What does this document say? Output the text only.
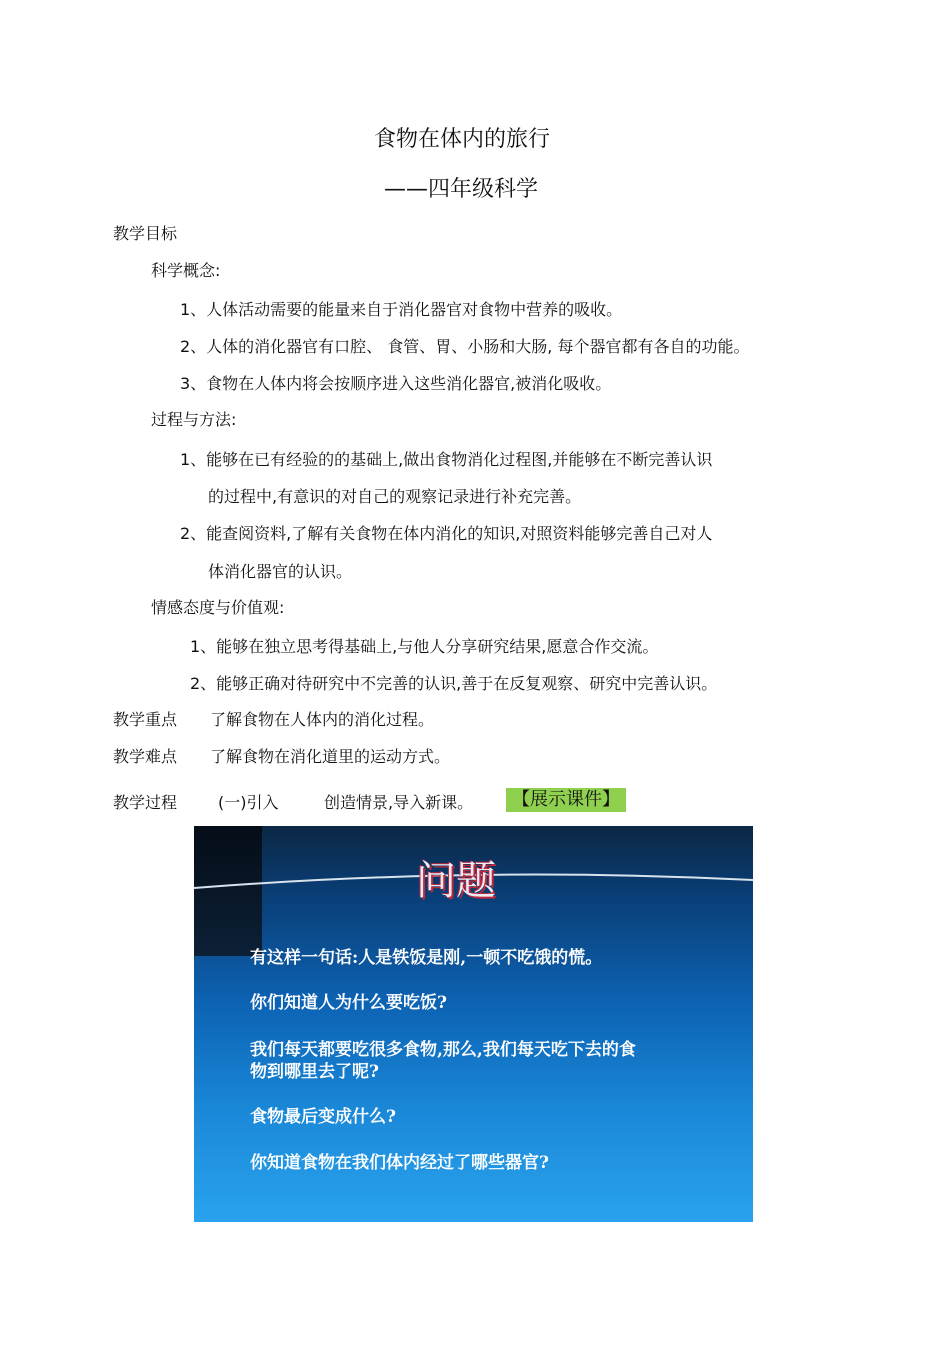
食物在体内的旅行
——四年级科学
教学目标
科学概念:
1、人体活动需要的能量来自于消化器官对食物中营养的吸收。
2、人体的消化器官有口腔、 食管、胃、小肠和大肠, 每个器官都有各自的功能。
3、食物在人体内将会按顺序进入这些消化器官,被消化吸收。
过程与方法:
1、能够在已有经验的的基础上,做出食物消化过程图,并能够在不断完善认识
的过程中,有意识的对自己的观察记录进行补充完善。
2、能查阅资料,了解有关食物在体内消化的知识,对照资料能够完善自己对人
体消化器官的认识。
情感态度与价值观:
1、能够在独立思考得基础上,与他人分享研究结果,愿意合作交流。
2、能够正确对待研究中不完善的认识,善于在反复观察、研究中完善认识。
教学重点 了解食物在人体内的消化过程。
教学难点 了解食物在消化道里的运动方式。
教学过程	(一)引入	创造情景,导入新课。	【展示课件】
问题
有这样一句话:人是铁饭是刚,一顿不吃饿的慌。
你们知道人为什么要吃饭?
我们每天都要吃很多食物,那么,我们每天吃下去的食
物到哪里去了呢?
食物最后变成什么?
你知道食物在我们体内经过了哪些器官?
